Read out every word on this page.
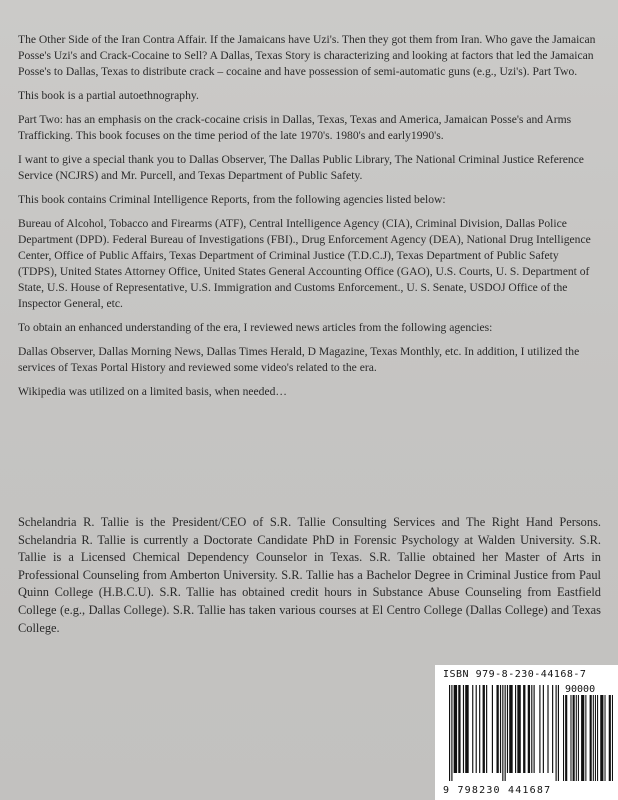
The Other Side of the Iran Contra Affair. If the Jamaicans have Uzi's. Then they got them from Iran. Who gave the Jamaican Posse's Uzi's and Crack-Cocaine to Sell? A Dallas, Texas Story is characterizing and looking at factors that led the Jamaican Posse's to Dallas, Texas to distribute crack – cocaine and have possession of semi-automatic guns (e.g., Uzi's). Part Two.

This book is a partial autoethnography.

Part Two: has an emphasis on the crack-cocaine crisis in Dallas, Texas, Texas and America, Jamaican Posse's and Arms Trafficking. This book focuses on the time period of the late 1970's. 1980's and early1990's.

I want to give a special thank you to Dallas Observer, The Dallas Public Library, The National Criminal Justice Reference Service (NCJRS) and Mr. Purcell, and Texas Department of Public Safety.

This book contains Criminal Intelligence Reports, from the following agencies listed below:

Bureau of Alcohol, Tobacco and Firearms (ATF), Central Intelligence Agency (CIA), Criminal Division, Dallas Police Department (DPD). Federal Bureau of Investigations (FBI)., Drug Enforcement Agency (DEA), National Drug Intelligence Center, Office of Public Affairs, Texas Department of Criminal Justice (T.D.C.J), Texas Department of Public Safety (TDPS), United States Attorney Office, United States General Accounting Office (GAO), U.S. Courts, U. S. Department of State, U.S. House of Representative, U.S. Immigration and Customs Enforcement., U. S. Senate, USDOJ Office of the Inspector General, etc.

To obtain an enhanced understanding of the era, I reviewed news articles from the following agencies:

Dallas Observer, Dallas Morning News, Dallas Times Herald, D Magazine, Texas Monthly, etc. In addition, I utilized the services of Texas Portal History and reviewed some video's related to the era.

Wikipedia was utilized on a limited basis, when needed…

Schelandria R. Tallie is the President/CEO of S.R. Tallie Consulting Services and The Right Hand Persons. Schelandria R. Tallie is currently a Doctorate Candidate PhD in Forensic Psychology at Walden University. S.R. Tallie is a Licensed Chemical Dependency Counselor in Texas. S.R. Tallie obtained her Master of Arts in Professional Counseling from Amberton University. S.R. Tallie has a Bachelor Degree in Criminal Justice from Paul Quinn College (H.B.C.U). S.R. Tallie has obtained credit hours in Substance Abuse Counseling from Eastfield College (e.g., Dallas College). S.R. Tallie has taken various courses at El Centro College (Dallas College) and Texas College.
ISBN 979-8-230-44168-7
90000
9 798230 441687
